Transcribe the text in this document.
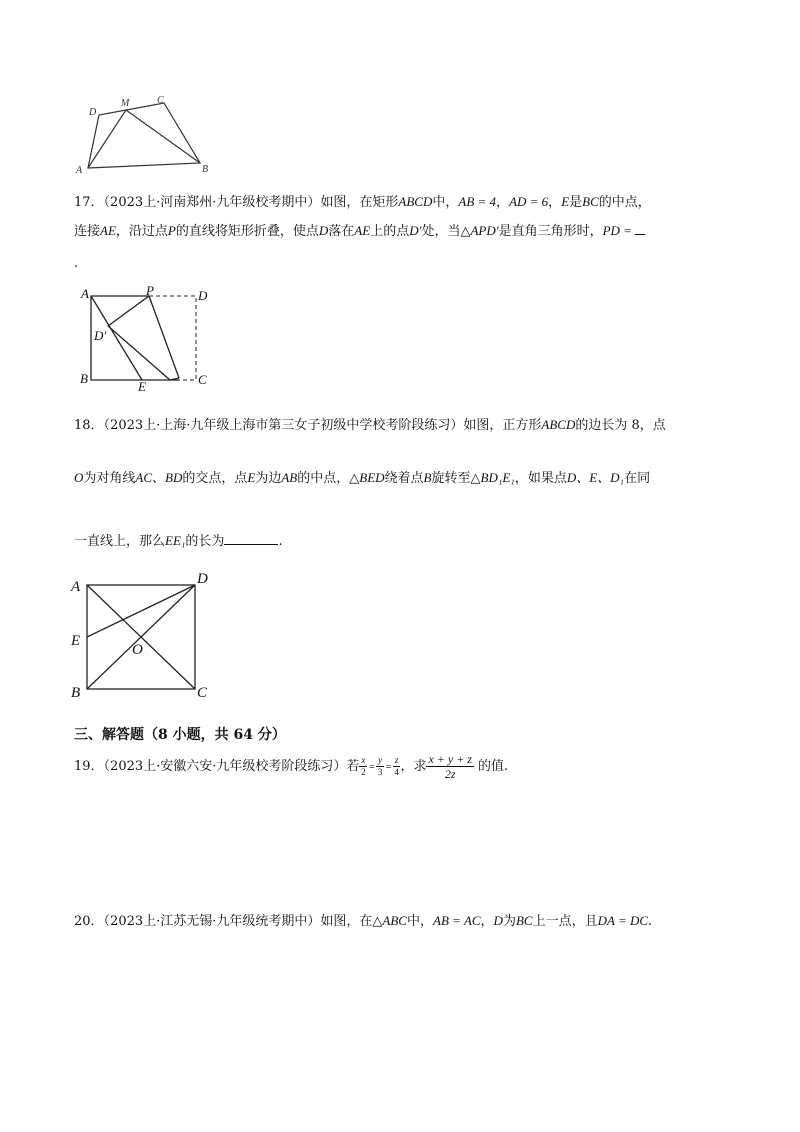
D
M	C
A	B
17．（2023上·河南郑州·九年级校考期中）如图，在矩形ABCD中，AB = 4，AD = 6，E是BC的中点，
连接AE，沿过点P的直线将矩形折叠，使点D落在AE上的点D′处，当△APD′是直角三角形时，PD =
.
A	P	D
D′
B
E	C
18．（2023上·上海·九年级上海市第三女子初级中学校考阶段练习）如图，正方形ABCD的边长为 8，点
O为对角线AC、BD的交点，点E为边AB的中点，△BED绕着点B旋转至△BD₁E₁，如果点D、E、D₁在同
一直线上，那么EE₁的长为	.
A	D
E
O
B	C
三、解答题（8 小题，共 64 分）
19．（2023上·安徽六安·九年级校考阶段练习）若 $\frac{x}{2} = \frac{y}{3} = \frac{z}{4}$ ，求 $\frac{x + y + z}{2z}$ 的值.
20．（2023上·江苏无锡·九年级统考期中）如图，在△ABC中，AB = AC，D为BC上一点，且DA = DC.
